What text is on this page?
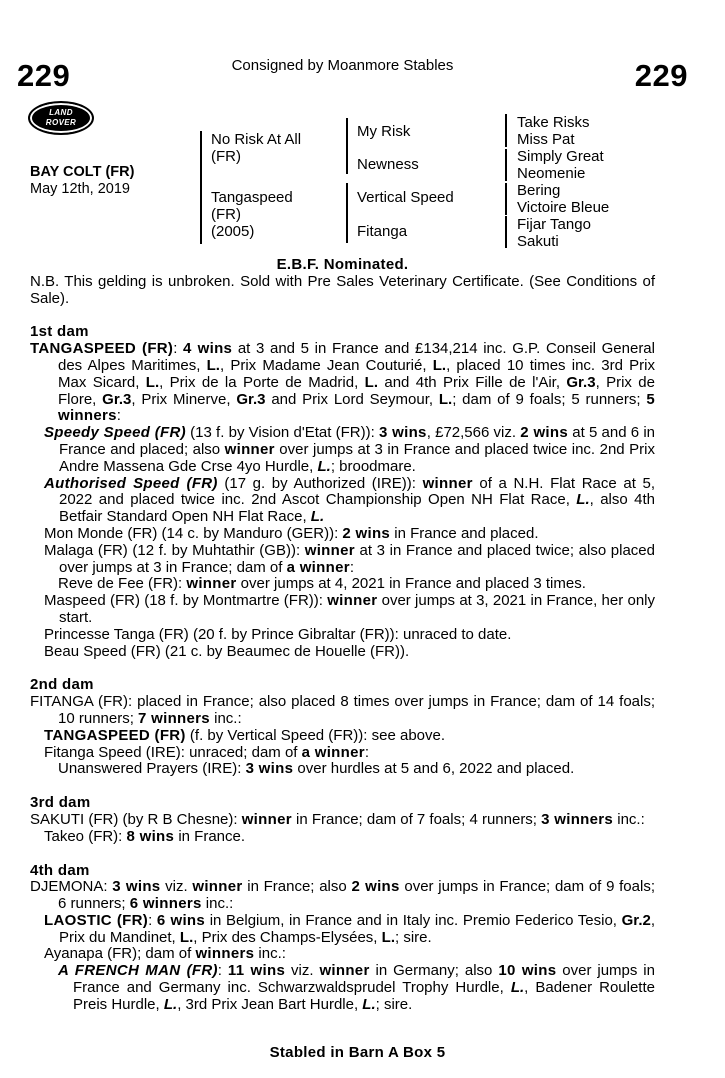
229	Consigned by Moanmore Stables	229
LAND
ROVER
BAY COLT (FR)
May 12th, 2019
No Risk At All
(FR)
Tangaspeed
(FR)
(2005)
My Risk
Newness
Vertical Speed
Fitanga
Take Risks
Miss Pat
Simply Great
Neomenie
Bering
Victoire Bleue
Fijar Tango
Sakuti

E.B.F. Nominated.

N.B. This gelding is unbroken. Sold with Pre Sales Veterinary Certificate. (See Conditions of Sale).

1st dam

TANGASPEED (FR): 4 wins at 3 and 5 in France and £134,214 inc. G.P. Conseil General des Alpes Maritimes, L., Prix Madame Jean Couturié, L., placed 10 times inc. 3rd Prix Max Sicard, L., Prix de la Porte de Madrid, L. and 4th Prix Fille de l'Air, Gr.3, Prix de Flore, Gr.3, Prix Minerve, Gr.3 and Prix Lord Seymour, L.; dam of 9 foals; 5 runners; 5 winners:

Speedy Speed (FR) (13 f. by Vision d'Etat (FR)): 3 wins, £72,566 viz. 2 wins at 5 and 6 in France and placed; also winner over jumps at 3 in France and placed twice inc. 2nd Prix Andre Massena Gde Crse 4yo Hurdle, L.; broodmare.

Authorised Speed (FR) (17 g. by Authorized (IRE)): winner of a N.H. Flat Race at 5, 2022 and placed twice inc. 2nd Ascot Championship Open NH Flat Race, L., also 4th Betfair Standard Open NH Flat Race, L.

Mon Monde (FR) (14 c. by Manduro (GER)): 2 wins in France and placed.

Malaga (FR) (12 f. by Muhtathir (GB)): winner at 3 in France and placed twice; also placed over jumps at 3 in France; dam of a winner:

Reve de Fee (FR): winner over jumps at 4, 2021 in France and placed 3 times.

Maspeed (FR) (18 f. by Montmartre (FR)): winner over jumps at 3, 2021 in France, her only start.

Princesse Tanga (FR) (20 f. by Prince Gibraltar (FR)): unraced to date.

Beau Speed (FR) (21 c. by Beaumec de Houelle (FR)).

2nd dam

FITANGA (FR): placed in France; also placed 8 times over jumps in France; dam of 14 foals; 10 runners; 7 winners inc.:

TANGASPEED (FR) (f. by Vertical Speed (FR)): see above.

Fitanga Speed (IRE): unraced; dam of a winner:

Unanswered Prayers (IRE): 3 wins over hurdles at 5 and 6, 2022 and placed.

3rd dam

SAKUTI (FR) (by R B Chesne): winner in France; dam of 7 foals; 4 runners; 3 winners inc.:

Takeo (FR): 8 wins in France.

4th dam

DJEMONA: 3 wins viz. winner in France; also 2 wins over jumps in France; dam of 9 foals; 6 runners; 6 winners inc.:

LAOSTIC (FR): 6 wins in Belgium, in France and in Italy inc. Premio Federico Tesio, Gr.2, Prix du Mandinet, L., Prix des Champs-Elysées, L.; sire.

Ayanapa (FR); dam of winners inc.:

A FRENCH MAN (FR): 11 wins viz. winner in Germany; also 10 wins over jumps in France and Germany inc. Schwarzwaldsprudel Trophy Hurdle, L., Badener Roulette Preis Hurdle, L., 3rd Prix Jean Bart Hurdle, L.; sire.

Stabled in Barn A Box 5
